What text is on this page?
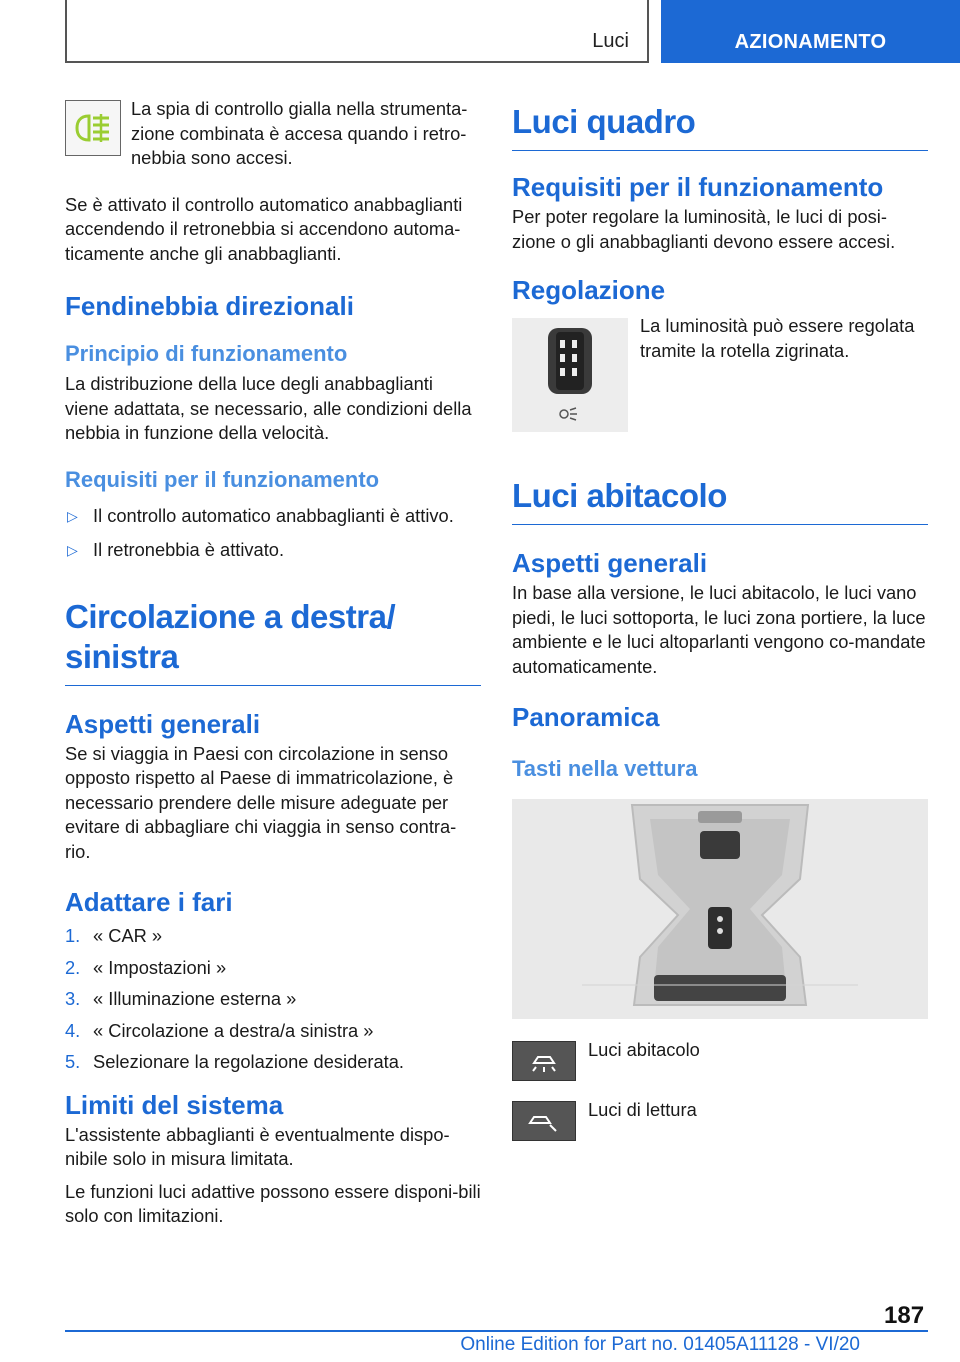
Luci	AZIONAMENTO

La spia di controllo gialla nella strumenta-zione combinata è accesa quando i retro-nebbia sono accesi.

Se è attivato il controllo automatico anabbaglianti accendendo il retronebbia si accendono automa-ticamente anche gli anabbaglianti.

Fendinebbia direzionali
Principio di funzionamento

La distribuzione della luce degli anabbaglianti viene adattata, se necessario, alle condizioni della nebbia in funzione della velocità.

Requisiti per il funzionamento
▷ Il controllo automatico anabbaglianti è attivo.
▷ Il retronebbia è attivato.
Circolazione a destra/ sinistra
Aspetti generali

Se si viaggia in Paesi con circolazione in senso opposto rispetto al Paese di immatricolazione, è necessario prendere delle misure adeguate per evitare di abbagliare chi viaggia in senso contra-rio.

Adattare i fari
1. « CAR »
2. « Impostazioni »
3. « Illuminazione esterna »
4. « Circolazione a destra/a sinistra »
5. Selezionare la regolazione desiderata.
Limiti del sistema

L'assistente abbaglianti è eventualmente dispo-nibile solo in misura limitata.

Le funzioni luci adattive possono essere disponi-bili solo con limitazioni.

Luci quadro
Requisiti per il funzionamento

Per poter regolare la luminosità, le luci di posi-zione o gli anabbaglianti devono essere accesi.

Regolazione

La luminosità può essere regolata tramite la rotella zigrinata.

Luci abitacolo
Aspetti generali

In base alla versione, le luci abitacolo, le luci vano piedi, le luci sottoporta, le luci zona portiere, la luce ambiente e le luci altoparlanti vengono co-mandate automaticamente.

Panoramica
Tasti nella vettura
Luci abitacolo
Luci di lettura
187
Online Edition for Part no. 01405A11128 - VI/20
